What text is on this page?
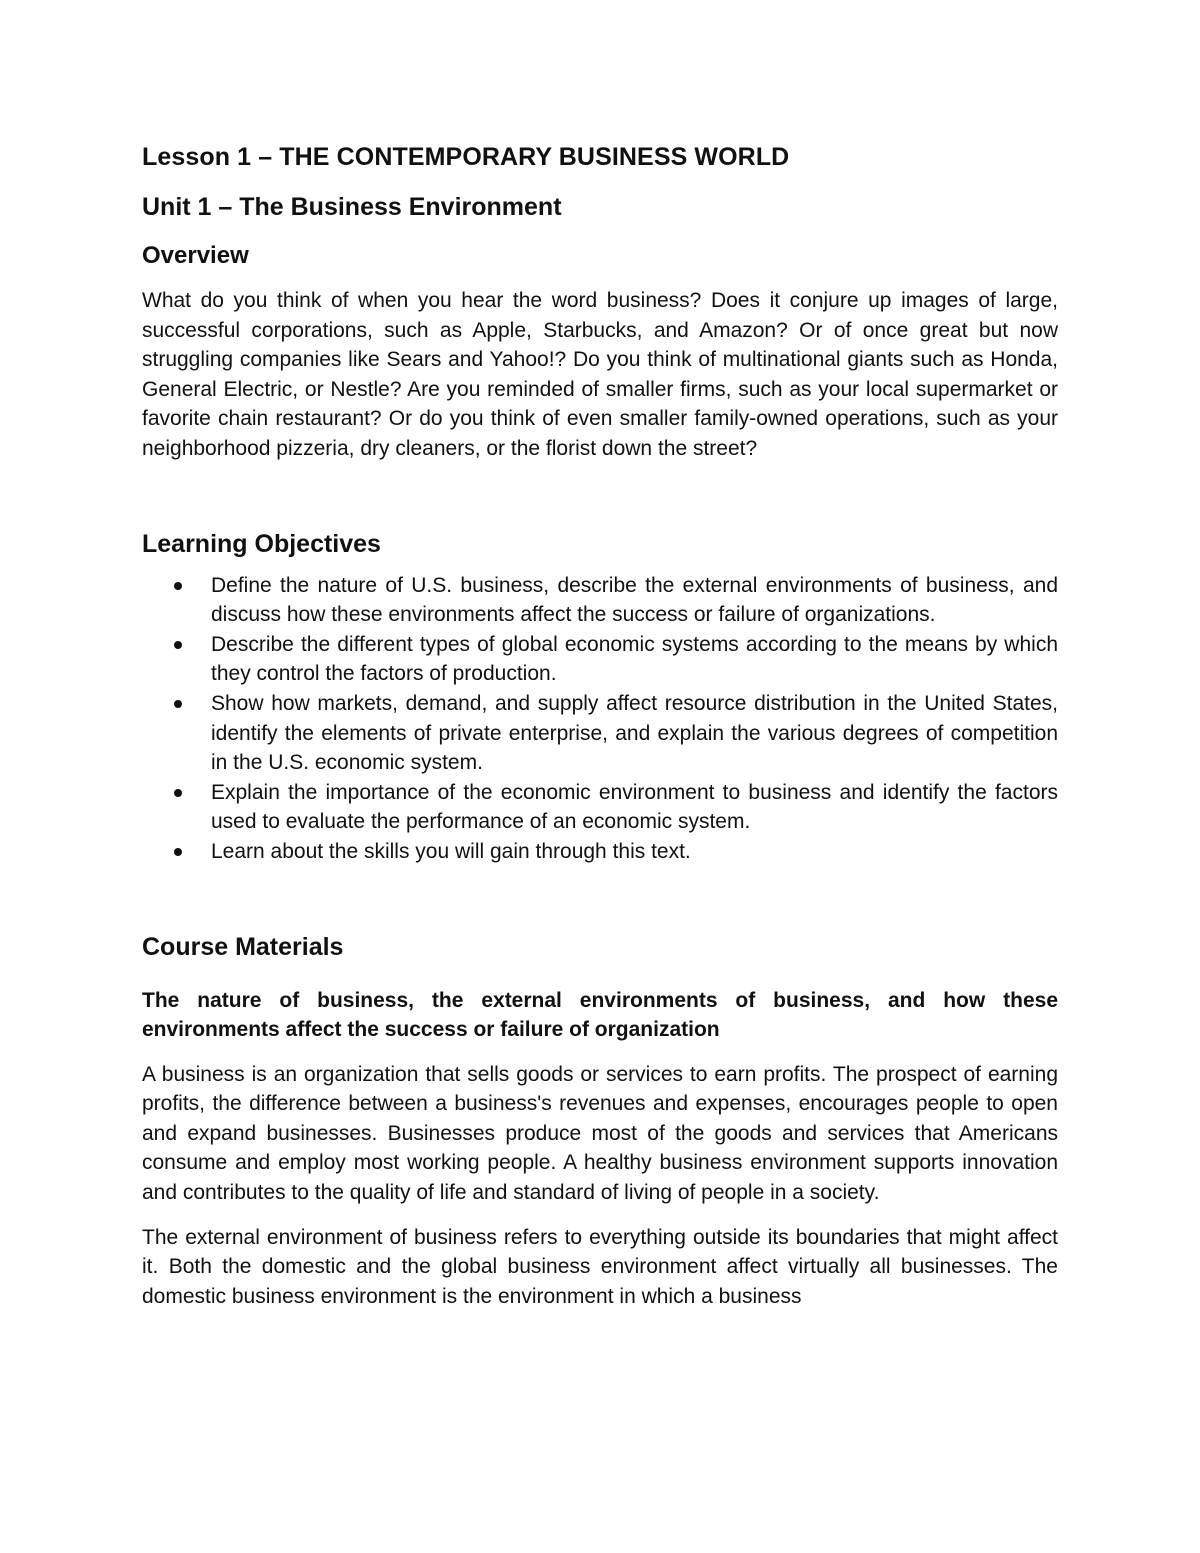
Lesson 1 – THE CONTEMPORARY BUSINESS WORLD
Unit 1 – The Business Environment
Overview

What do you think of when you hear the word business? Does it conjure up images of large, successful corporations, such as Apple, Starbucks, and Amazon? Or of once great but now struggling companies like Sears and Yahoo!? Do you think of multinational giants such as Honda, General Electric, or Nestle? Are you reminded of smaller firms, such as your local supermarket or favorite chain restaurant? Or do you think of even smaller family-owned operations, such as your neighborhood pizzeria, dry cleaners, or the florist down the street?

Learning Objectives
Define the nature of U.S. business, describe the external environments of business, and discuss how these environments affect the success or failure of organizations.
Describe the different types of global economic systems according to the means by which they control the factors of production.
Show how markets, demand, and supply affect resource distribution in the United States, identify the elements of private enterprise, and explain the various degrees of competition in the U.S. economic system.
Explain the importance of the economic environment to business and identify the factors used to evaluate the performance of an economic system.
Learn about the skills you will gain through this text.
Course Materials

The nature of business, the external environments of business, and how these environments affect the success or failure of organization

A business is an organization that sells goods or services to earn profits. The prospect of earning profits, the difference between a business's revenues and expenses, encourages people to open and expand businesses. Businesses produce most of the goods and services that Americans consume and employ most working people. A healthy business environment supports innovation and contributes to the quality of life and standard of living of people in a society.

The external environment of business refers to everything outside its boundaries that might affect it. Both the domestic and the global business environment affect virtually all businesses. The domestic business environment is the environment in which a business
